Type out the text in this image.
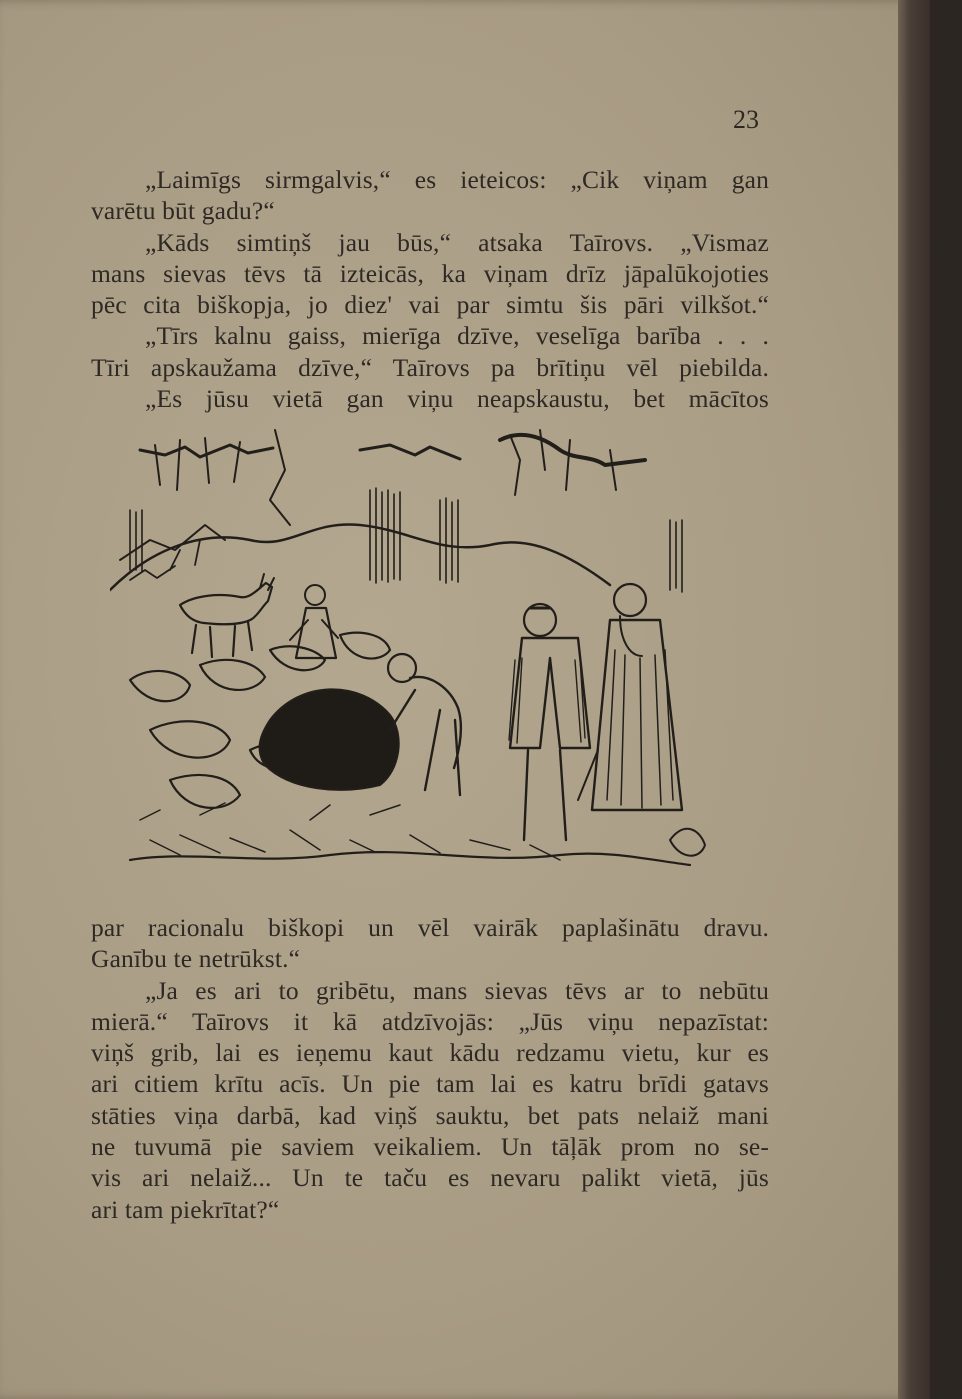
23
„Laimīgs sirmgalvis,“ es ieteicos: „Cik viņam gan
varētu būt gadu?“
„Kāds simtiņš jau būs,“ atsaka Taīrovs. „Vismaz
mans sievas tēvs tā izteicās, ka viņam drīz jāpalūkojoties
pēc cita biškopja, jo diez' vai par simtu šis pāri vilkšot.“
„Tīrs kalnu gaiss, mierīga dzīve, veselīga barība . . .
Tīri apskaužama dzīve,“ Taīrovs pa brītiņu vēl piebilda.
„Es jūsu vietā gan viņu neapskaustu, bet mācītos
par racionalu biškopi un vēl vairāk paplašinātu dravu.
Ganību te netrūkst.“
„Ja es ari to gribētu, mans sievas tēvs ar to nebūtu
mierā.“ Taīrovs it kā atdzīvojās: „Jūs viņu nepazīstat:
viņš grib, lai es ieņemu kaut kādu redzamu vietu, kur es
ari citiem krītu acīs. Un pie tam lai es katru brīdi gatavs
stāties viņa darbā, kad viņš sauktu, bet pats nelaiž mani
ne tuvumā pie saviem veikaliem. Un tāļāk prom no se-
vis ari nelaiž... Un te taču es nevaru palikt vietā, jūs
ari tam piekrītat?“
